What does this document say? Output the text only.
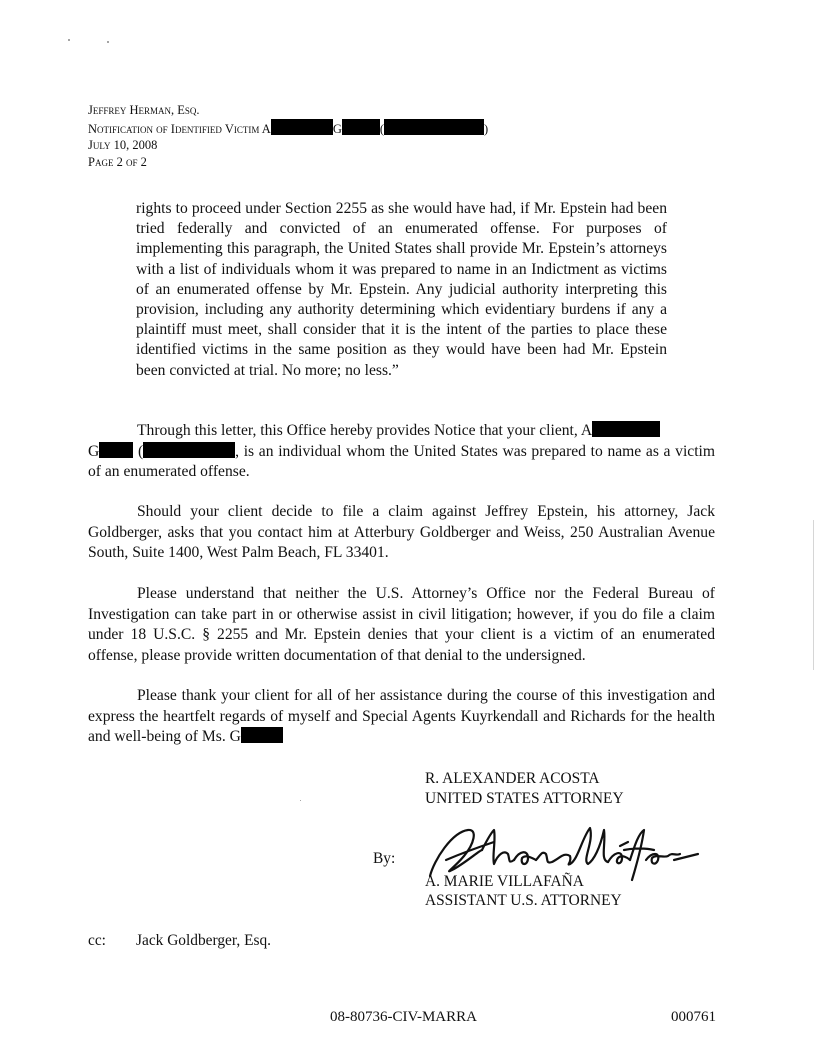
Jeffrey Herman, Esq.
Notification of Identified Victim A	G	(	)
July 10, 2008
Page 2 of 2
rights to proceed under Section 2255 as she would have had, if Mr. Epstein had been tried federally and convicted of an enumerated offense. For purposes of implementing this paragraph, the United States shall provide Mr. Epstein’s attorneys with a list of individuals whom it was prepared to name in an Indictment as victims of an enumerated offense by Mr. Epstein. Any judicial authority interpreting this provision, including any authority determining which evidentiary burdens if any a plaintiff must meet, shall consider that it is the intent of the parties to place these identified victims in the same position as they would have been had Mr. Epstein been convicted at trial. No more; no less.”
Through this letter, this Office hereby provides Notice that your client, A
G (	, is an individual whom the United States was prepared to name as a victim of an enumerated offense.
Should your client decide to file a claim against Jeffrey Epstein, his attorney, Jack Goldberger, asks that you contact him at Atterbury Goldberger and Weiss, 250 Australian Avenue South, Suite 1400, West Palm Beach, FL 33401.
Please understand that neither the U.S. Attorney’s Office nor the Federal Bureau of Investigation can take part in or otherwise assist in civil litigation; however, if you do file a claim under 18 U.S.C. § 2255 and Mr. Epstein denies that your client is a victim of an enumerated offense, please provide written documentation of that denial to the undersigned.
Please thank your client for all of her assistance during the course of this investigation and express the heartfelt regards of myself and Special Agents Kuyrkendall and Richards for the health and well-being of Ms. G
R. ALEXANDER ACOSTA
UNITED STATES ATTORNEY
By:
A. MARIE VILLAFAÑA
ASSISTANT U.S. ATTORNEY
cc: Jack Goldberger, Esq.
08-80736-CIV-MARRA	000761
